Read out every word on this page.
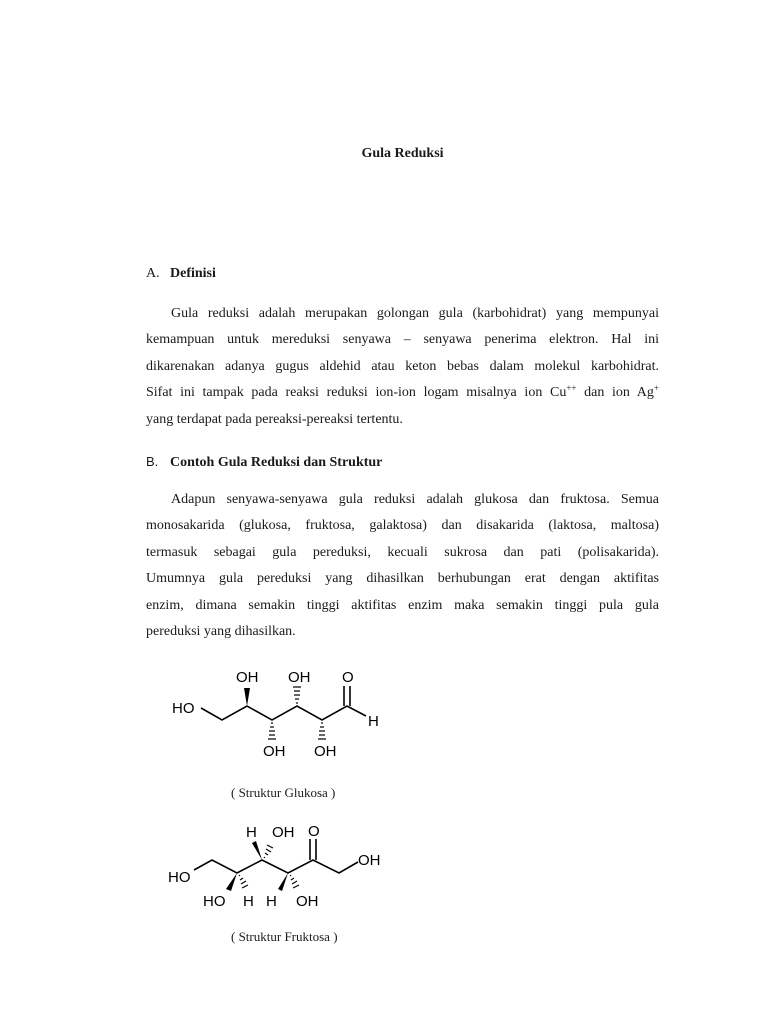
Gula Reduksi
A. Definisi
Gula reduksi adalah merupakan golongan gula (karbohidrat) yang mempunyai
kemampuan untuk mereduksi senyawa – senyawa penerima elektron. Hal ini
dikarenakan adanya gugus aldehid atau keton bebas dalam molekul karbohidrat.
Sifat ini tampak pada reaksi reduksi ion-ion logam misalnya ion Cu++ dan ion Ag+
yang terdapat pada pereaksi-pereaksi tertentu.
B. Contoh Gula Reduksi dan Struktur
Adapun senyawa-senyawa gula reduksi adalah glukosa dan fruktosa. Semua
monosakarida (glukosa, fruktosa, galaktosa) dan disakarida (laktosa, maltosa)
termasuk sebagai gula pereduksi, kecuali sukrosa dan pati (polisakarida).
Umumnya gula pereduksi yang dihasilkan berhubungan erat dengan aktifitas
enzim, dimana semakin tinggi aktifitas enzim maka semakin tinggi pula gula
pereduksi yang dihasilkan.
HO
OH OH O
H
OH OH
HO
H OH O
OH
HO H H OH
( Struktur Glukosa )
( Struktur Fruktosa )
